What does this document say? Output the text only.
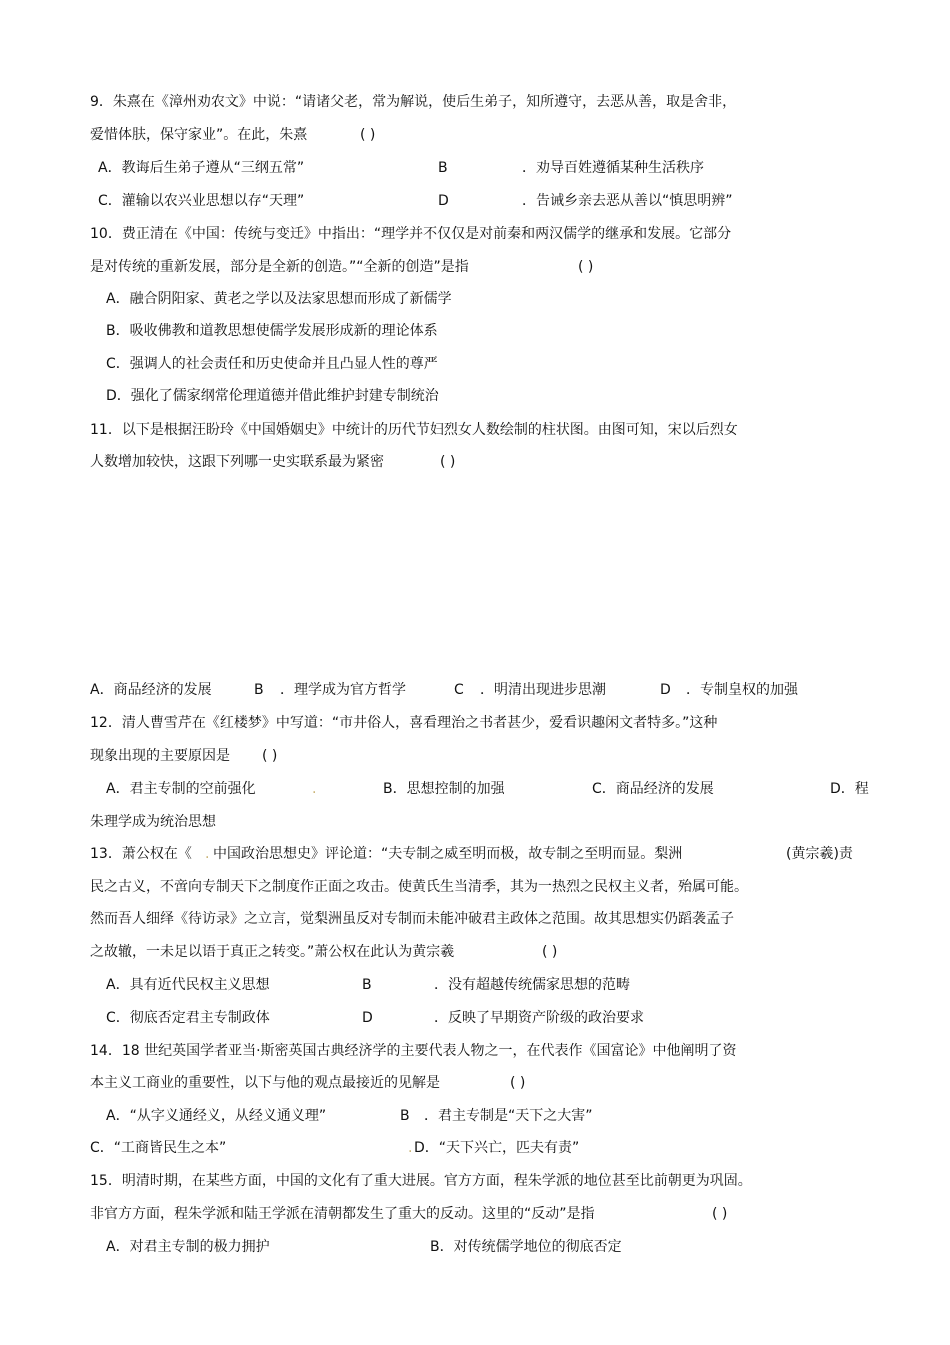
9．朱熹在《漳州劝农文》中说：“请诸父老，常为解说，使后生弟子，知所遵守，去恶从善，取是舍非，
爱惜体肤，保守家业”。在此，朱熹	( )
A．教诲后生弟子遵从“三纲五常”	B	．劝导百姓遵循某种生活秩序
C．灌输以农兴业思想以存“天理”	D	．告诫乡亲去恶从善以“慎思明辨”
10．费正清在《中国：传统与变迁》中指出：“理学并不仅仅是对前秦和两汉儒学的继承和发展。它部分
是对传统的重新发展，部分是全新的创造。”“全新的创造”是指	( )
A．融合阴阳家、黄老之学以及法家思想而形成了新儒学
B．吸收佛教和道教思想使儒学发展形成新的理论体系
C．强调人的社会责任和历史使命并且凸显人性的尊严
D．强化了儒家纲常伦理道德并借此维护封建专制统治
11．以下是根据汪盼玲《中国婚姻史》中统计的历代节妇烈女人数绘制的柱状图。由图可知，宋以后烈女
人数增加较快，这跟下列哪一史实联系最为紧密	( )
A．商品经济的发展	B ．理学成为官方哲学	C ．明清出现进步思潮	D ．专制皇权的加强
12．清人曹雪芹在《红楼梦》中写道：“市井俗人，喜看理治之书者甚少，爱看识趣闲文者特多。”这种
现象出现的主要原因是 ( )
A．君主专制的空前强化	.	B．思想控制的加强	C．商品经济的发展	D．程
朱理学成为统治思想
13．萧公权在《 . 中国政治思想史》评论道：“夫专制之威至明而极，故专制之至明而显。梨洲	(黄宗羲)责
民之古义，不啻向专制天下之制度作正面之攻击。使黄氏生当清季，其为一热烈之民权主义者，殆属可能。
然而吾人细绎《待访录》之立言，觉梨洲虽反对专制而未能冲破君主政体之范围。故其思想实仍蹈袭孟子
之故辙，一未足以语于真正之转变。”萧公权在此认为黄宗羲	( )
A．具有近代民权主义思想	B	．没有超越传统儒家思想的范畴
C．彻底否定君主专制政体	D	．反映了早期资产阶级的政治要求
14．18 世纪英国学者亚当·斯密英国古典经济学的主要代表人物之一，在代表作《国富论》中他阐明了资
本主义工商业的重要性，以下与他的观点最接近的见解是	( )
A．“从字义通经义，从经义通义理”	B ．君主专制是“天下之大害”
C．“工商皆民生之本”	. D．“天下兴亡，匹夫有责”
15．明清时期，在某些方面，中国的文化有了重大进展。官方方面，程朱学派的地位甚至比前朝更为巩固。
非官方方面，程朱学派和陆王学派在清朝都发生了重大的反动。这里的“反动”是指	( )
A．对君主专制的极力拥护	B．对传统儒学地位的彻底否定
